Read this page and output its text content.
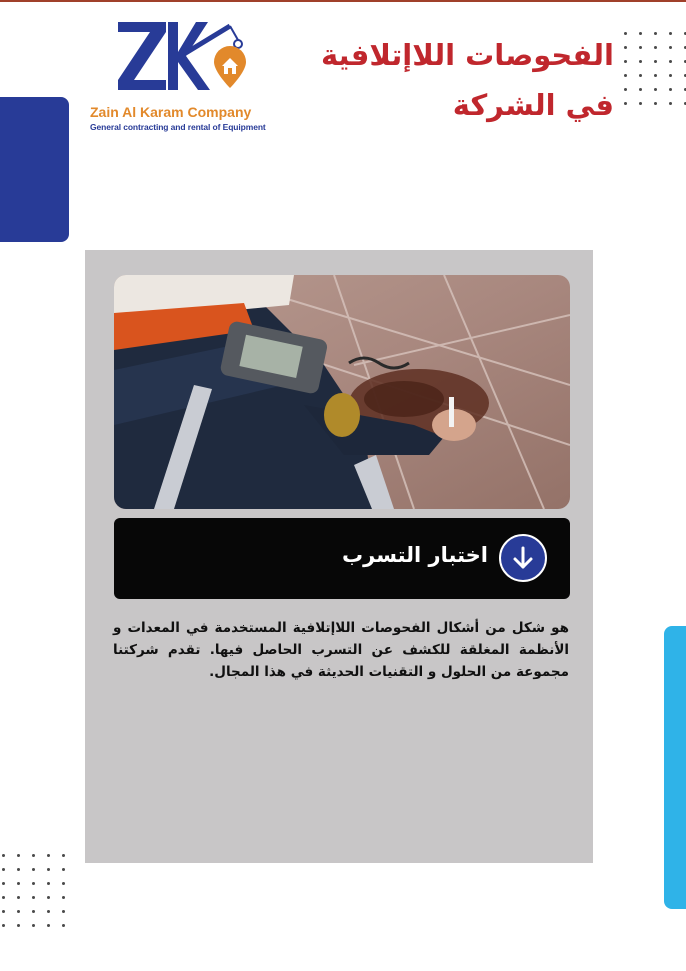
Zain Al Karam Company
General contracting and rental of Equipment
الفحوصات اللاإتلافية
في الشركة
اختبار التسرب
هو شكل من أشكال الفحوصات اللاإتلافية المستخدمة في المعدات و الأنظمة المغلقة للكشف عن التسرب الحاصل فيها. تقدم شركتنا مجموعة من الحلول و التقنيات الحديثة في هذا المجال.
